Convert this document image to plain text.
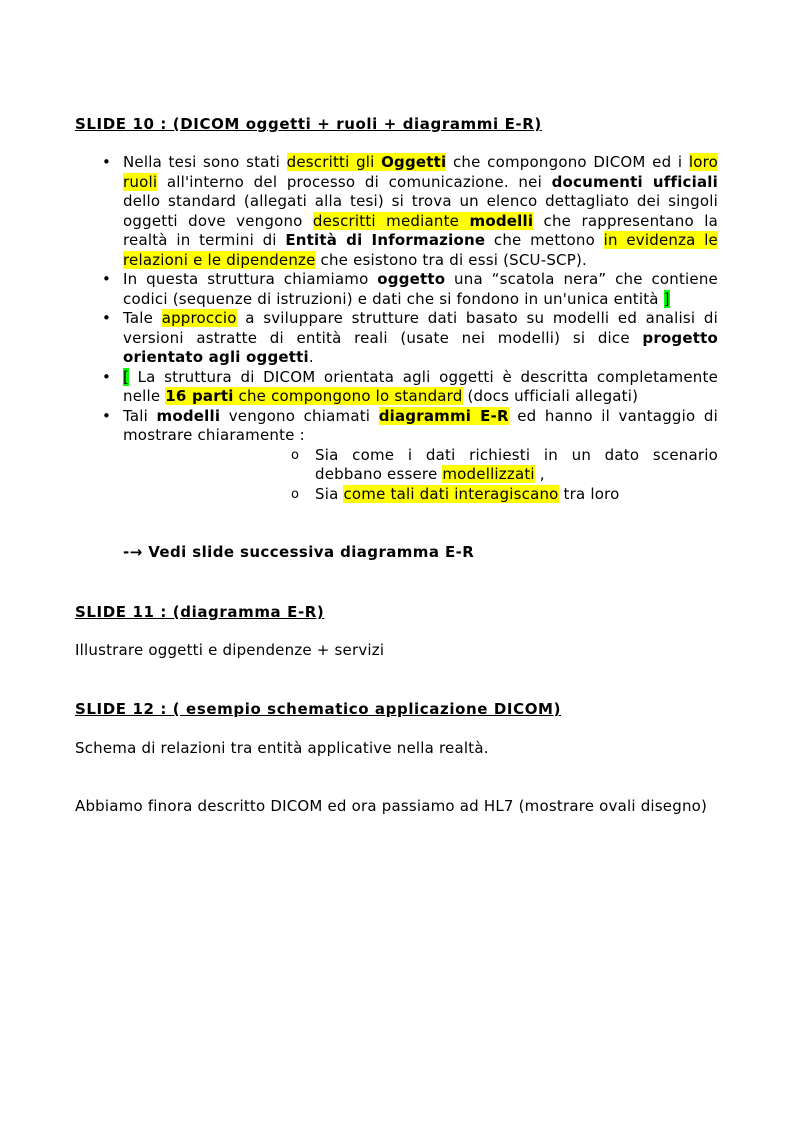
SLIDE 10 : (DICOM oggetti + ruoli + diagrammi E-R)

• Nella tesi sono stati descritti gli Oggetti che compongono DICOM ed i loro ruoli all'interno del processo di comunicazione. nei documenti ufficiali dello standard (allegati alla tesi) si trova un elenco dettagliato dei singoli oggetti dove vengono descritti mediante modelli che rappresentano la realtà in termini di Entità di Informazione che mettono in evidenza le relazioni e le dipendenze che esistono tra di essi (SCU-SCP).
• In questa struttura chiamiamo oggetto una “scatola nera” che contiene codici (sequenze di istruzioni) e dati che si fondono in un'unica entità ]
• Tale approccio a sviluppare strutture dati basato su modelli ed analisi di versioni astratte di entità reali (usate nei modelli) si dice progetto orientato agli oggetti.
• [ La struttura di DICOM orientata agli oggetti è descritta completamente nelle 16 parti che compongono lo standard (docs ufficiali allegati)
• Tali modelli vengono chiamati diagrammi E-R ed hanno il vantaggio di mostrare chiaramente :
o Sia come i dati richiesti in un dato scenario debbano essere modellizzati ,
o Sia come tali dati interagiscano tra loro
-→ Vedi slide successiva diagramma E-R

SLIDE 11 : (diagramma E-R)

Illustrare oggetti e dipendenze + servizi

SLIDE 12 : ( esempio schematico applicazione DICOM)

Schema di relazioni tra entità applicative nella realtà.

Abbiamo finora descritto DICOM ed ora passiamo ad HL7 (mostrare ovali disegno)
